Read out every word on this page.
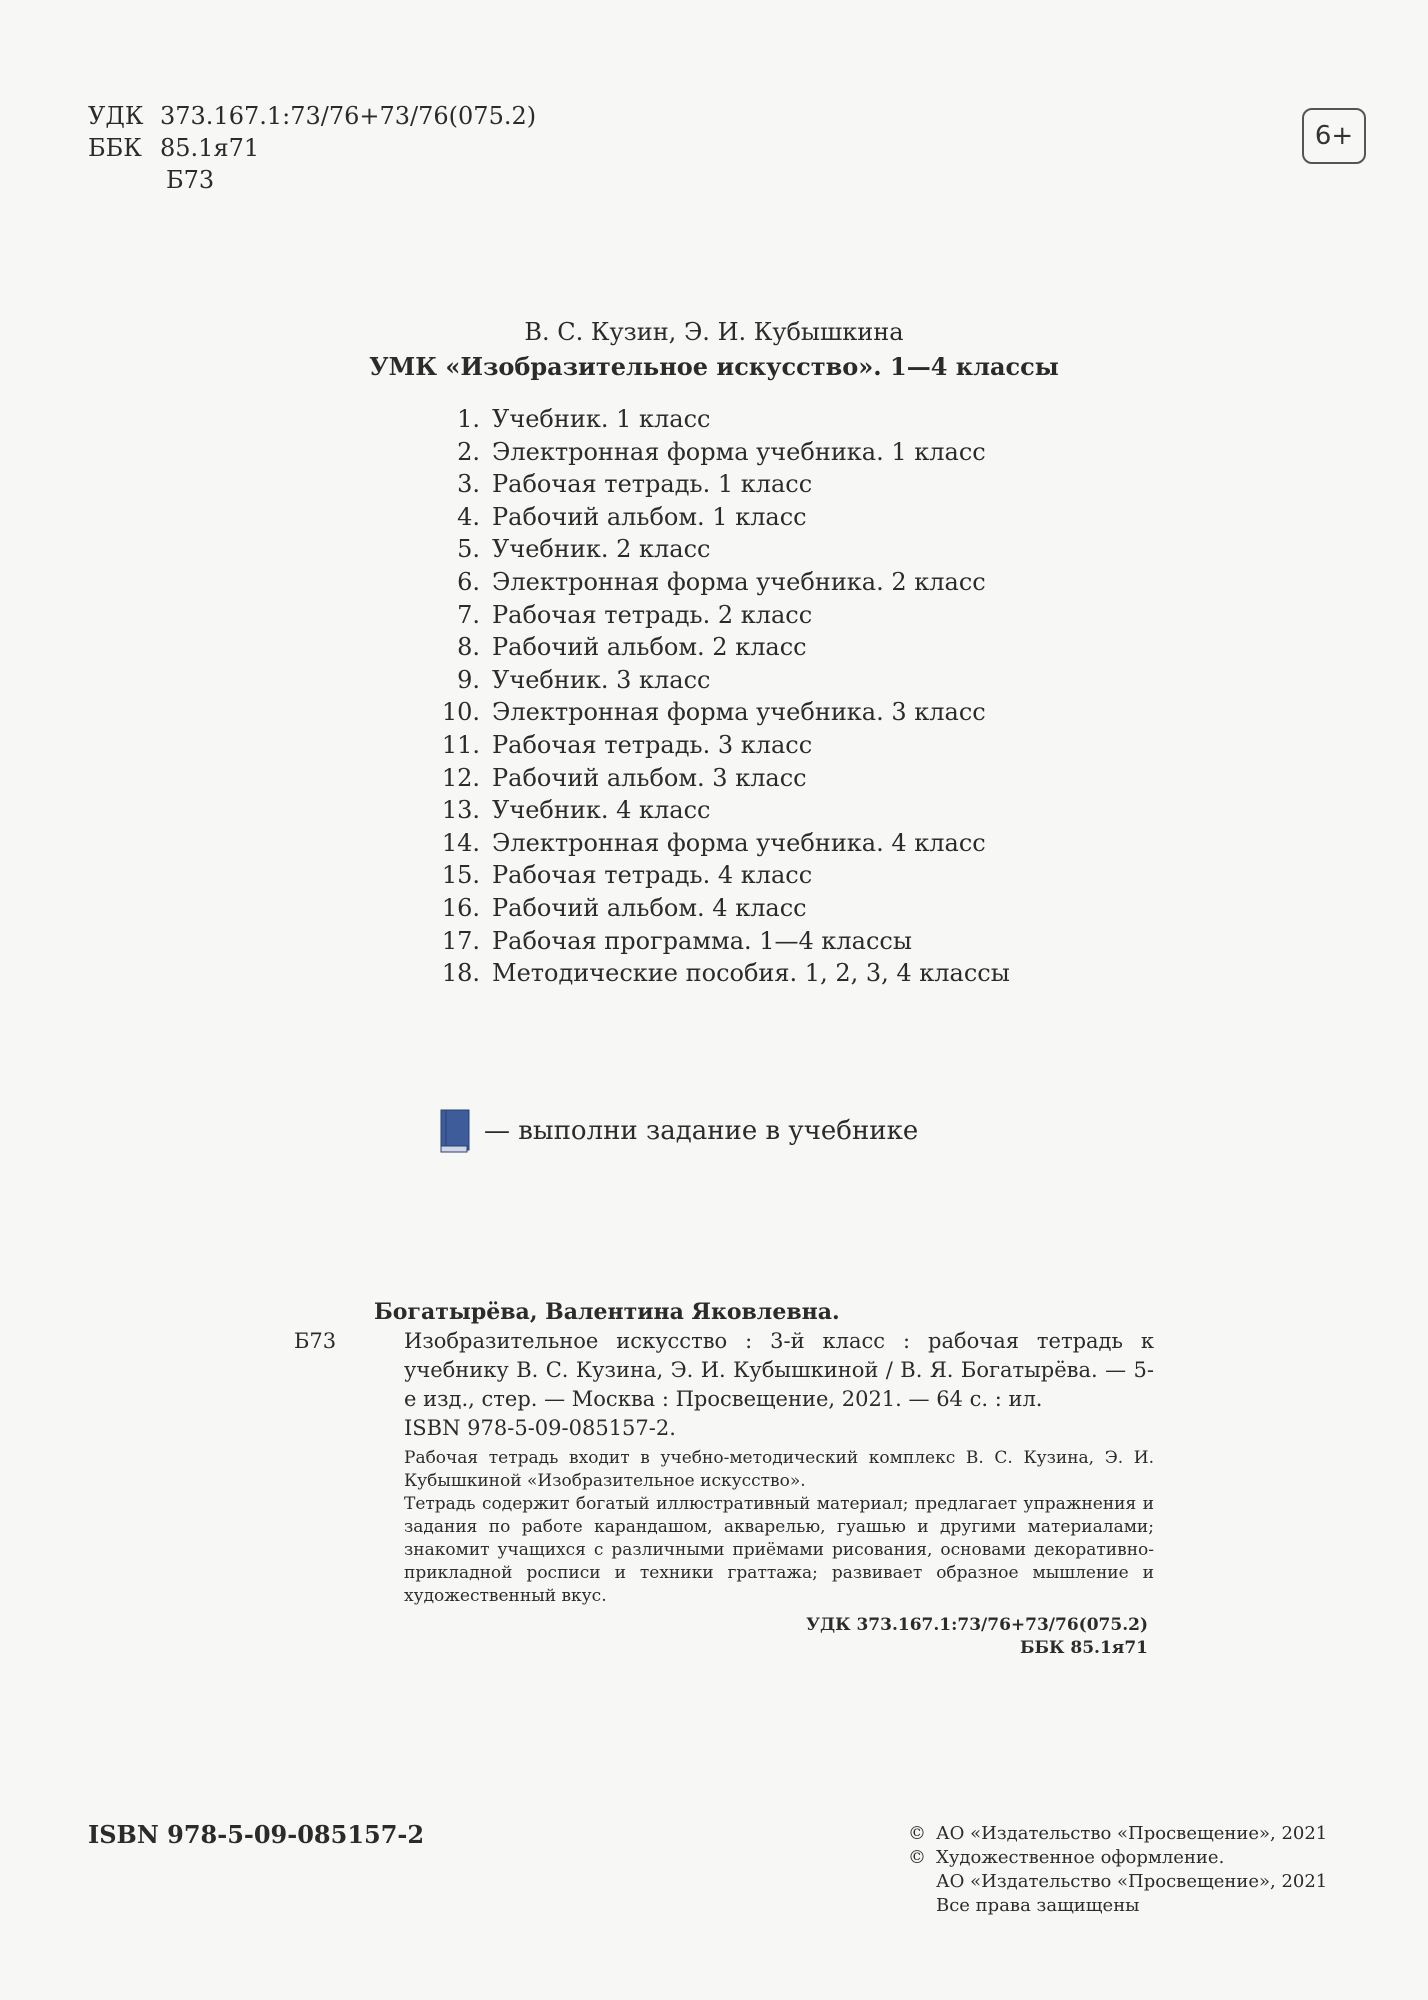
УДК 373.167.1:73/76+73/76(075.2)
ББК 85.1я71
Б73
6+
В. С. Кузин, Э. И. Кубышкина
УМК «Изобразительное искусство». 1—4 классы
1. Учебник. 1 класс
2. Электронная форма учебника. 1 класс
3. Рабочая тетрадь. 1 класс
4. Рабочий альбом. 1 класс
5. Учебник. 2 класс
6. Электронная форма учебника. 2 класс
7. Рабочая тетрадь. 2 класс
8. Рабочий альбом. 2 класс
9. Учебник. 3 класс
10. Электронная форма учебника. 3 класс
11. Рабочая тетрадь. 3 класс
12. Рабочий альбом. 3 класс
13. Учебник. 4 класс
14. Электронная форма учебника. 4 класс
15. Рабочая тетрадь. 4 класс
16. Рабочий альбом. 4 класс
17. Рабочая программа. 1—4 классы
18. Методические пособия. 1, 2, 3, 4 классы
— выполни задание в учебнике
Богатырёва, Валентина Яковлевна.
Б73	Изобразительное искусство : 3-й класс : рабочая тетрадь к учебнику В. С. Кузина, Э. И. Кубышкиной / В. Я. Богатырёва. — 5-е изд., стер. — Москва : Просвещение, 2021. — 64 с. : ил.
ISBN 978-5-09-085157-2.

Рабочая тетрадь входит в учебно-методический комплекс В. С. Кузина, Э. И. Кубышкиной «Изобразительное искусство».

Тетрадь содержит богатый иллюстративный материал; предлагает упражнения и задания по работе карандашом, акварелью, гуашью и другими материалами; знакомит учащихся с различными приёмами рисования, основами декоративно-прикладной росписи и техники граттажа; развивает образное мышление и художественный вкус.

УДК 373.167.1:73/76+73/76(075.2)
ББК 85.1я71
ISBN 978-5-09-085157-2	© АО «Издательство «Просвещение», 2021
© Художественное оформление.
АО «Издательство «Просвещение», 2021
Все права защищены
